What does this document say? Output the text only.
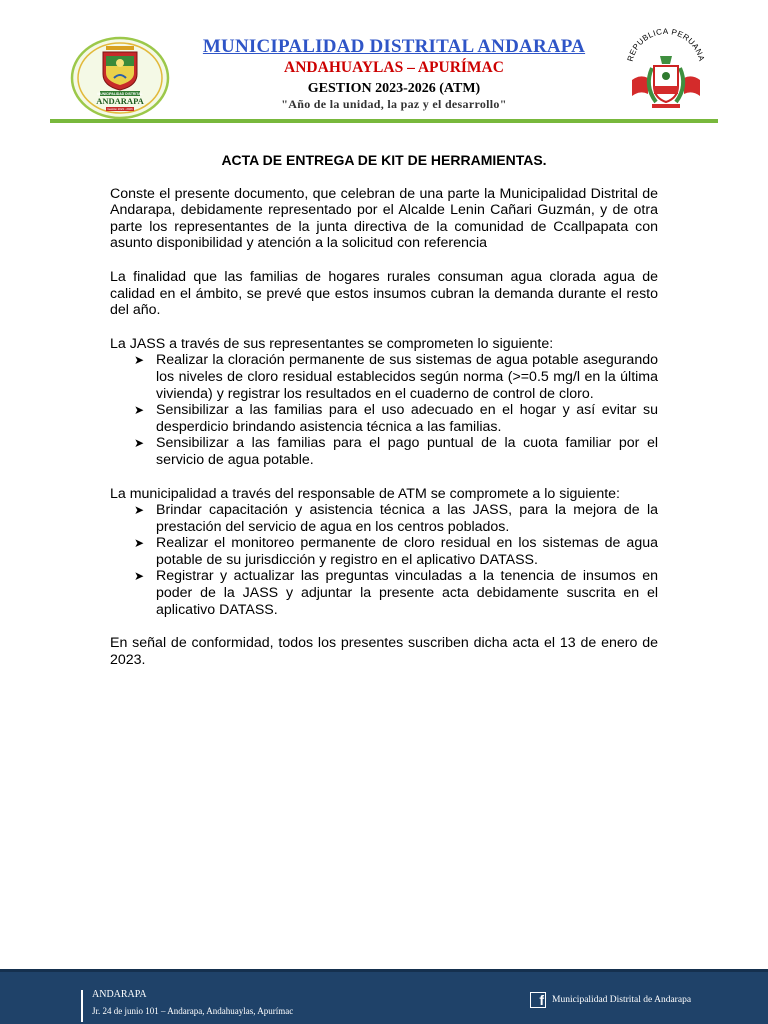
MUNICIPALIDAD DISTRITAL
ANDARAPA
Gestión 2023 - 2026
MUNICIPALIDAD DISTRITAL ANDARAPA
ANDAHUAYLAS – APURÍMAC
GESTION 2023-2026 (ATM)
"Año de la unidad, la paz y el desarrollo"
REPUBLICA PERUANA
ACTA DE ENTREGA DE KIT DE HERRAMIENTAS.

Conste el presente documento, que celebran de una parte la Municipalidad Distrital de Andarapa, debidamente representado por el Alcalde Lenin Cañari Guzmán, y de otra parte los representantes de la junta directiva de la comunidad de Ccallpapata con asunto disponibilidad y atención a la solicitud con referencia

La finalidad que las familias de hogares rurales consuman agua clorada agua de calidad en el ámbito, se prevé que estos insumos cubran la demanda durante el resto del año.

La JASS a través de sus representantes se comprometen lo siguiente:

➤ Realizar la cloración permanente de sus sistemas de agua potable asegurando los niveles de cloro residual establecidos según norma (>=0.5 mg/l en la última vivienda) y registrar los resultados en el cuaderno de control de cloro.
➤ Sensibilizar a las familias para el uso adecuado en el hogar y así evitar su desperdicio brindando asistencia técnica a las familias.
➤ Sensibilizar a las familias para el pago puntual de la cuota familiar por el servicio de agua potable.

La municipalidad a través del responsable de ATM se compromete a lo siguiente:

➤ Brindar capacitación y asistencia técnica a las JASS, para la mejora de la prestación del servicio de agua en los centros poblados.
➤ Realizar el monitoreo permanente de cloro residual en los sistemas de agua potable de su jurisdicción y registro en el aplicativo DATASS.
➤ Registrar y actualizar las preguntas vinculadas a la tenencia de insumos en poder de la JASS y adjuntar la presente acta debidamente suscrita en el aplicativo DATASS.

En señal de conformidad, todos los presentes suscriben dicha acta el 13 de enero de 2023.

ANDARAPA
Jr. 24 de junio 101 – Andarapa, Andahuaylas, Apurímac
f Municipalidad Distrital de Andarapa
